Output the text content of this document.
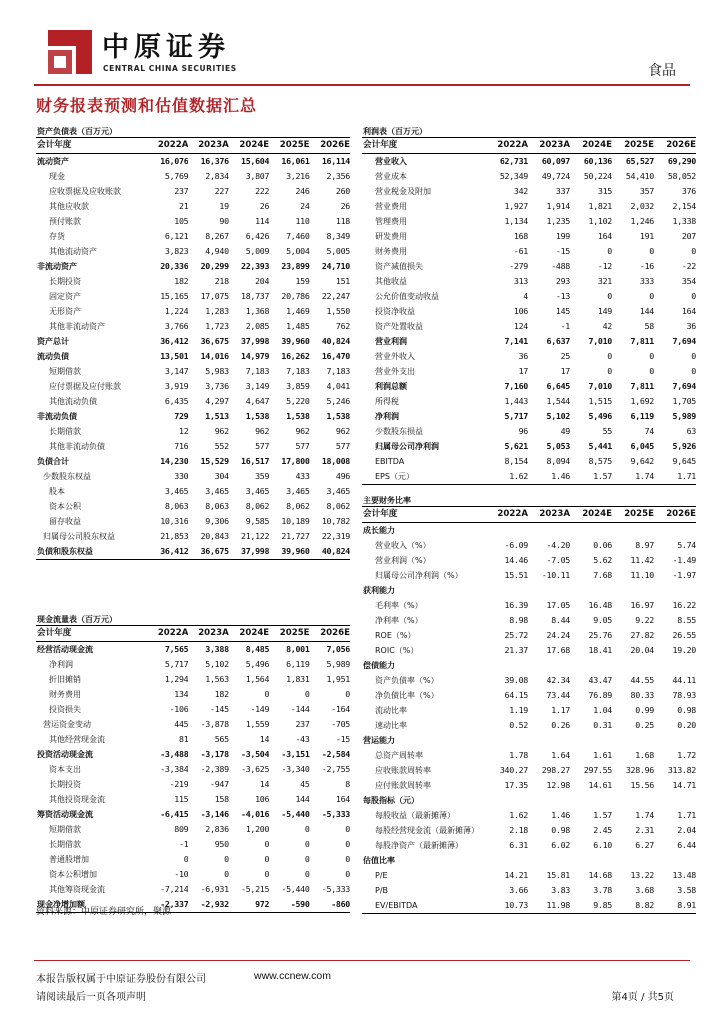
中原证券
CENTRAL CHINA SECURITIES	食品
财务报表预测和估值数据汇总
资产负债表（百万元）
会计年度	2022A	2023A	2024E	2025E	2026E
流动资产	16,076	16,376	15,604	16,061	16,114
现金	5,769	2,834	3,807	3,216	2,356
应收票据及应收账款	237	227	222	246	260
其他应收款	21	19	26	24	26
预付账款	105	90	114	110	118
存货	6,121	8,267	6,426	7,460	8,349
其他流动资产	3,823	4,940	5,009	5,004	5,005
非流动资产	20,336	20,299	22,393	23,899	24,710
长期投资	182	218	204	159	151
固定资产	15,165	17,075	18,737	20,786	22,247
无形资产	1,224	1,283	1,368	1,469	1,550
其他非流动资产	3,766	1,723	2,085	1,485	762
资产总计	36,412	36,675	37,998	39,960	40,824
流动负债	13,501	14,016	14,979	16,262	16,470
短期借款	3,147	5,983	7,183	7,183	7,183
应付票据及应付账款	3,919	3,736	3,149	3,859	4,041
其他流动负债	6,435	4,297	4,647	5,220	5,246
非流动负债	729	1,513	1,538	1,538	1,538
长期借款	12	962	962	962	962
其他非流动负债	716	552	577	577	577
负债合计	14,230	15,529	16,517	17,800	18,008
少数股东权益	330	304	359	433	496
股本	3,465	3,465	3,465	3,465	3,465
资本公积	8,063	8,063	8,062	8,062	8,062
留存收益	10,316	9,306	9,585	10,189	10,782
归属母公司股东权益	21,853	20,843	21,122	21,727	22,319
负债和股东权益	36,412	36,675	37,998	39,960	40,824
现金流量表（百万元）
会计年度	2022A	2023A	2024E	2025E	2026E
经营活动现金流	7,565	3,388	8,485	8,001	7,056
净利润	5,717	5,102	5,496	6,119	5,989
折旧摊销	1,294	1,563	1,564	1,831	1,951
财务费用	134	182	0	0	0
投资损失	-106	-145	-149	-144	-164
营运资金变动	445	-3,878	1,559	237	-705
其他经营现金流	81	565	14	-43	-15
投资活动现金流	-3,488	-3,178	-3,504	-3,151	-2,584
资本支出	-3,384	-2,389	-3,625	-3,340	-2,755
长期投资	-219	-947	14	45	8
其他投资现金流	115	158	106	144	164
筹资活动现金流	-6,415	-3,146	-4,016	-5,440	-5,333
短期借款	809	2,836	1,200	0	0
长期借款	-1	950	0	0	0
普通股增加	0	0	0	0	0
资本公积增加	-10	0	0	0	0
其他筹资现金流	-7,214	-6,931	-5,215	-5,440	-5,333
现金净增加额	-2,337	-2,932	972	-590	-860
利润表（百万元）
会计年度	2022A	2023A	2024E	2025E	2026E
营业收入	62,731	60,097	60,136	65,527	69,290
营业成本	52,349	49,724	50,224	54,410	58,052
营业税金及附加	342	337	315	357	376
营业费用	1,927	1,914	1,821	2,032	2,154
管理费用	1,134	1,235	1,102	1,246	1,338
研发费用	168	199	164	191	207
财务费用	-61	-15	0	0	0
资产减值损失	-279	-488	-12	-16	-22
其他收益	313	293	321	333	354
公允价值变动收益	4	-13	0	0	0
投资净收益	106	145	149	144	164
资产处置收益	124	-1	42	58	36
营业利润	7,141	6,637	7,010	7,811	7,694
营业外收入	36	25	0	0	0
营业外支出	17	17	0	0	0
利润总额	7,160	6,645	7,010	7,811	7,694
所得税	1,443	1,544	1,515	1,692	1,705
净利润	5,717	5,102	5,496	6,119	5,989
少数股东损益	96	49	55	74	63
归属母公司净利润	5,621	5,053	5,441	6,045	5,926
EBITDA	8,154	8,094	8,575	9,642	9,645
EPS（元）	1.62	1.46	1.57	1.74	1.71
主要财务比率
会计年度	2022A	2023A	2024E	2025E	2026E
成长能力					
营业收入（%）	-6.09	-4.20	0.06	8.97	5.74
营业利润（%）	14.46	-7.05	5.62	11.42	-1.49
归属母公司净利润（%）	15.51	-10.11	7.68	11.10	-1.97
获利能力					
毛利率（%）	16.39	17.05	16.48	16.97	16.22
净利率（%）	8.98	8.44	9.05	9.22	8.55
ROE（%）	25.72	24.24	25.76	27.82	26.55
ROIC（%）	21.37	17.68	18.41	20.04	19.20
偿债能力					
资产负债率（%）	39.08	42.34	43.47	44.55	44.11
净负债比率（%）	64.15	73.44	76.89	80.33	78.93
流动比率	1.19	1.17	1.04	0.99	0.98
速动比率	0.52	0.26	0.31	0.25	0.20
营运能力					
总资产周转率	1.78	1.64	1.61	1.68	1.72
应收账款周转率	340.27	298.27	297.55	328.96	313.82
应付账款周转率	17.35	12.98	14.61	15.56	14.71
每股指标（元）					
每股收益（最新摊薄）	1.62	1.46	1.57	1.74	1.71
每股经营现金流（最新摊薄）	2.18	0.98	2.45	2.31	2.04
每股净资产（最新摊薄）	6.31	6.02	6.10	6.27	6.44
估值比率					
P/E	14.21	15.81	14.68	13.22	13.48
P/B	3.66	3.83	3.78	3.68	3.58
EV/EBITDA	10.73	11.98	9.85	8.82	8.91
资料来源：中原证券研究所，聚源
本报告版权属于中原证券股份有限公司	www.ccnew.com
请阅读最后一页各项声明	第4页 / 共5页
